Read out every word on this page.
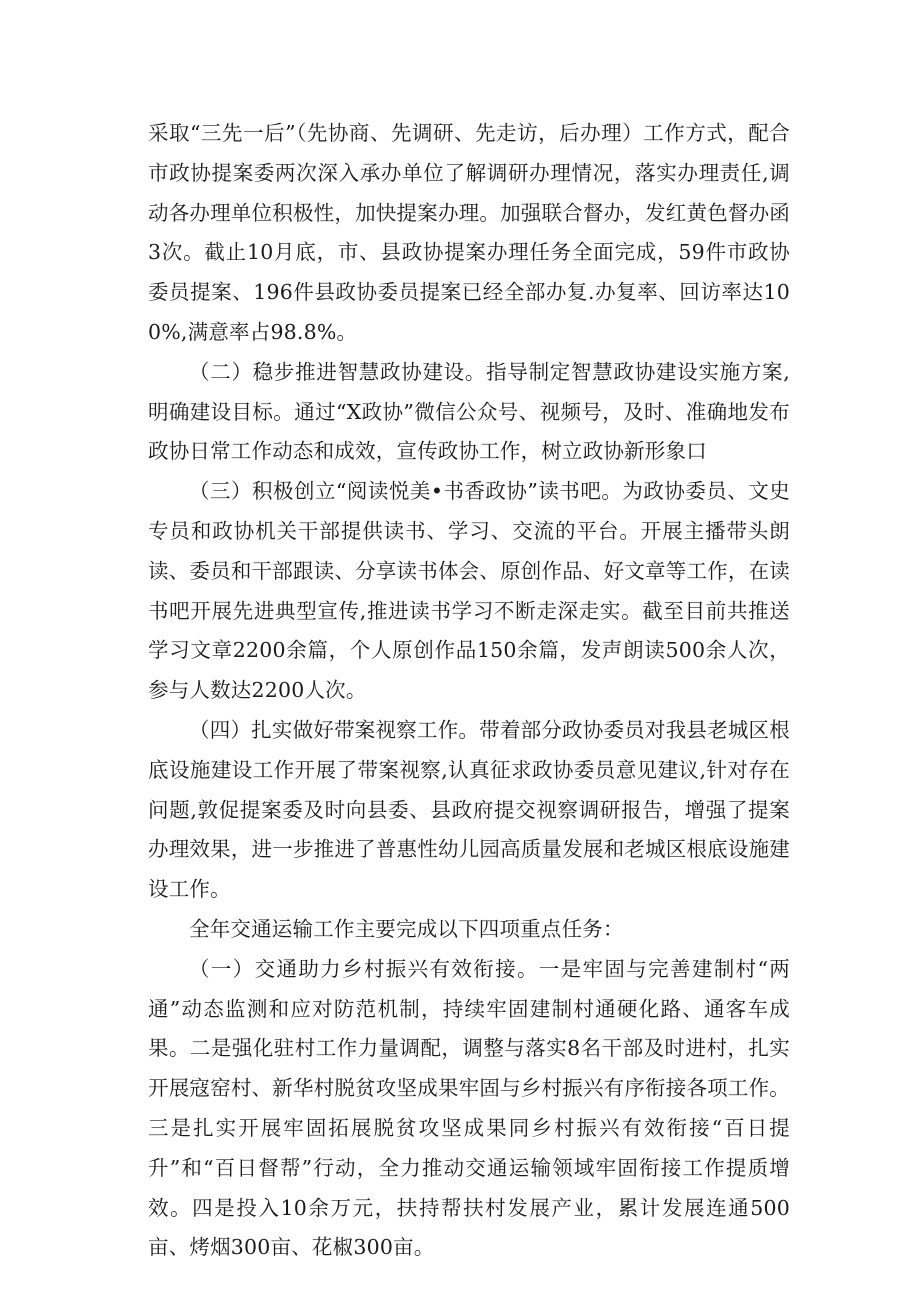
采取“三先一后”（先协商、先调研、先走访，后办理）工作方式，配合市政协提案委两次深入承办单位了解调研办理情况，落实办理责任,调动各办理单位积极性，加快提案办理。加强联合督办，发红黄色督办函3次。截止10月底，市、县政协提案办理任务全面完成，59件市政协委员提案、196件县政协委员提案已经全部办复.办复率、回访率达100%,满意率占98.8%。

（二）稳步推进智慧政协建设。指导制定智慧政协建设实施方案,明确建设目标。通过“X政协”微信公众号、视频号，及时、准确地发布政协日常工作动态和成效，宣传政协工作，树立政协新形象口

（三）积极创立“阅读悦美•书香政协”读书吧。为政协委员、文史专员和政协机关干部提供读书、学习、交流的平台。开展主播带头朗读、委员和干部跟读、分享读书体会、原创作品、好文章等工作，在读书吧开展先进典型宣传,推进读书学习不断走深走实。截至目前共推送学习文章2200余篇，个人原创作品150余篇，发声朗读500余人次，参与人数达2200人次。

（四）扎实做好带案视察工作。带着部分政协委员对我县老城区根底设施建设工作开展了带案视察,认真征求政协委员意见建议,针对存在问题,敦促提案委及时向县委、县政府提交视察调研报告，增强了提案办理效果，进一步推进了普惠性幼儿园高质量发展和老城区根底设施建设工作。

全年交通运输工作主要完成以下四项重点任务：

（一）交通助力乡村振兴有效衔接。一是牢固与完善建制村“两通”动态监测和应对防范机制，持续牢固建制村通硬化路、通客车成果。二是强化驻村工作力量调配，调整与落实8名干部及时进村，扎实开展寇窑村、新华村脱贫攻坚成果牢固与乡村振兴有序衔接各项工作。三是扎实开展牢固拓展脱贫攻坚成果同乡村振兴有效衔接“百日提升”和“百日督帮”行动，全力推动交通运输领域牢固衔接工作提质增效。四是投入10余万元，扶持帮扶村发展产业，累计发展连通500亩、烤烟300亩、花椒300亩。
